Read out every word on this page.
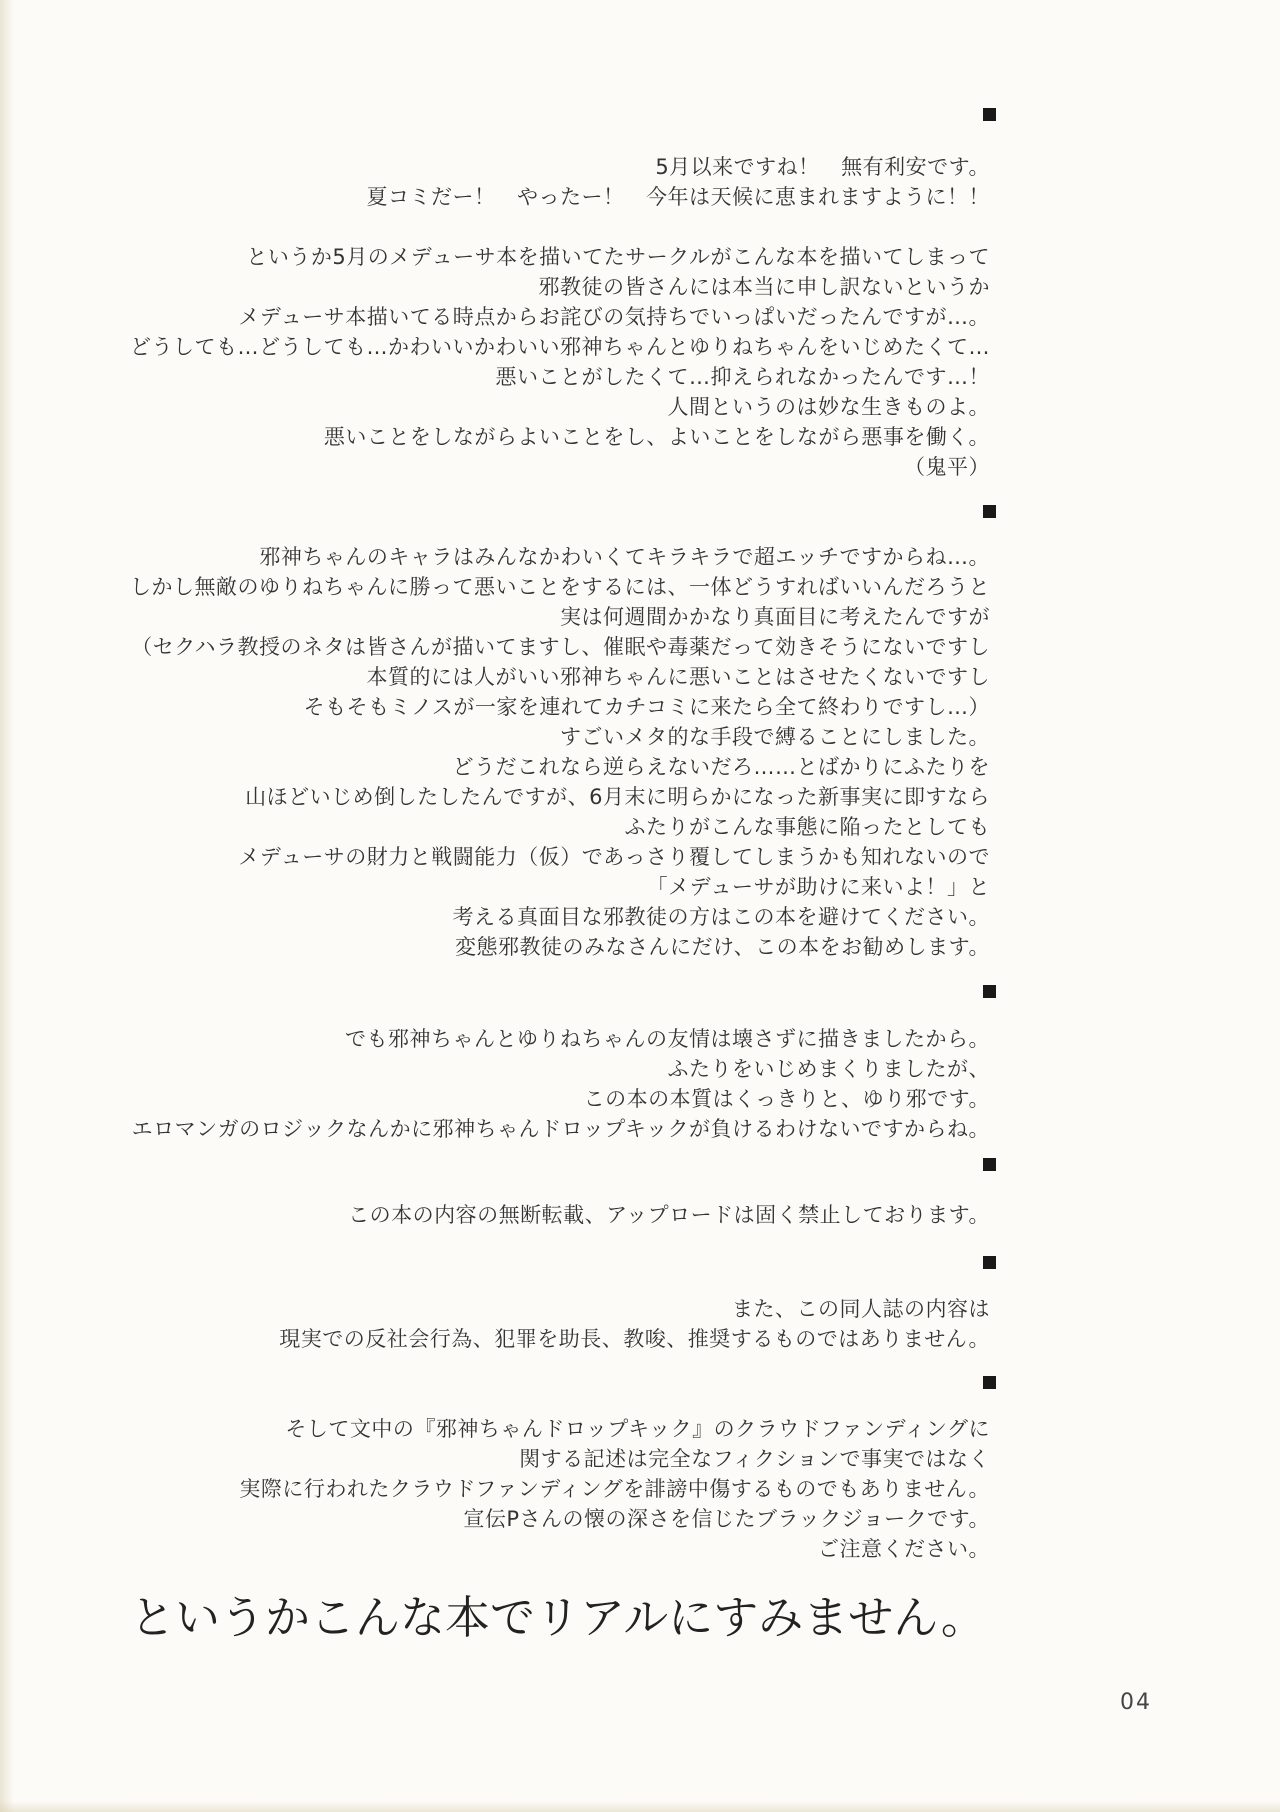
5月以来ですね！　無有利安です。
夏コミだー！　やったー！　今年は天候に恵まれますように！！
というか5月のメデューサ本を描いてたサークルがこんな本を描いてしまって
邪教徒の皆さんには本当に申し訳ないというか
メデューサ本描いてる時点からお詫びの気持ちでいっぱいだったんですが…。
どうしても…どうしても…かわいいかわいい邪神ちゃんとゆりねちゃんをいじめたくて…
悪いことがしたくて…抑えられなかったんです…！
人間というのは妙な生きものよ。
悪いことをしながらよいことをし、よいことをしながら悪事を働く。
（鬼平）
邪神ちゃんのキャラはみんなかわいくてキラキラで超エッチですからね…。
しかし無敵のゆりねちゃんに勝って悪いことをするには、一体どうすればいいんだろうと
実は何週間かかなり真面目に考えたんですが
（セクハラ教授のネタは皆さんが描いてますし、催眠や毒薬だって効きそうにないですし
本質的には人がいい邪神ちゃんに悪いことはさせたくないですし
そもそもミノスが一家を連れてカチコミに来たら全て終わりですし…）
すごいメタ的な手段で縛ることにしました。
どうだこれなら逆らえないだろ……とばかりにふたりを
山ほどいじめ倒したしたんですが、6月末に明らかになった新事実に即すなら
ふたりがこんな事態に陥ったとしても
メデューサの財力と戦闘能力（仮）であっさり覆してしまうかも知れないので
「メデューサが助けに来いよ！」と
考える真面目な邪教徒の方はこの本を避けてください。
変態邪教徒のみなさんにだけ、この本をお勧めします。
でも邪神ちゃんとゆりねちゃんの友情は壊さずに描きましたから。
ふたりをいじめまくりましたが、
この本の本質はくっきりと、ゆり邪です。
エロマンガのロジックなんかに邪神ちゃんドロップキックが負けるわけないですからね。
この本の内容の無断転載、アップロードは固く禁止しております。
また、この同人誌の内容は
現実での反社会行為、犯罪を助長、教唆、推奨するものではありません。
そして文中の『邪神ちゃんドロップキック』のクラウドファンディングに
関する記述は完全なフィクションで事実ではなく
実際に行われたクラウドファンディングを誹謗中傷するものでもありません。
宣伝Pさんの懐の深さを信じたブラックジョークです。
ご注意ください。
というかこんな本でリアルにすみません。
04
